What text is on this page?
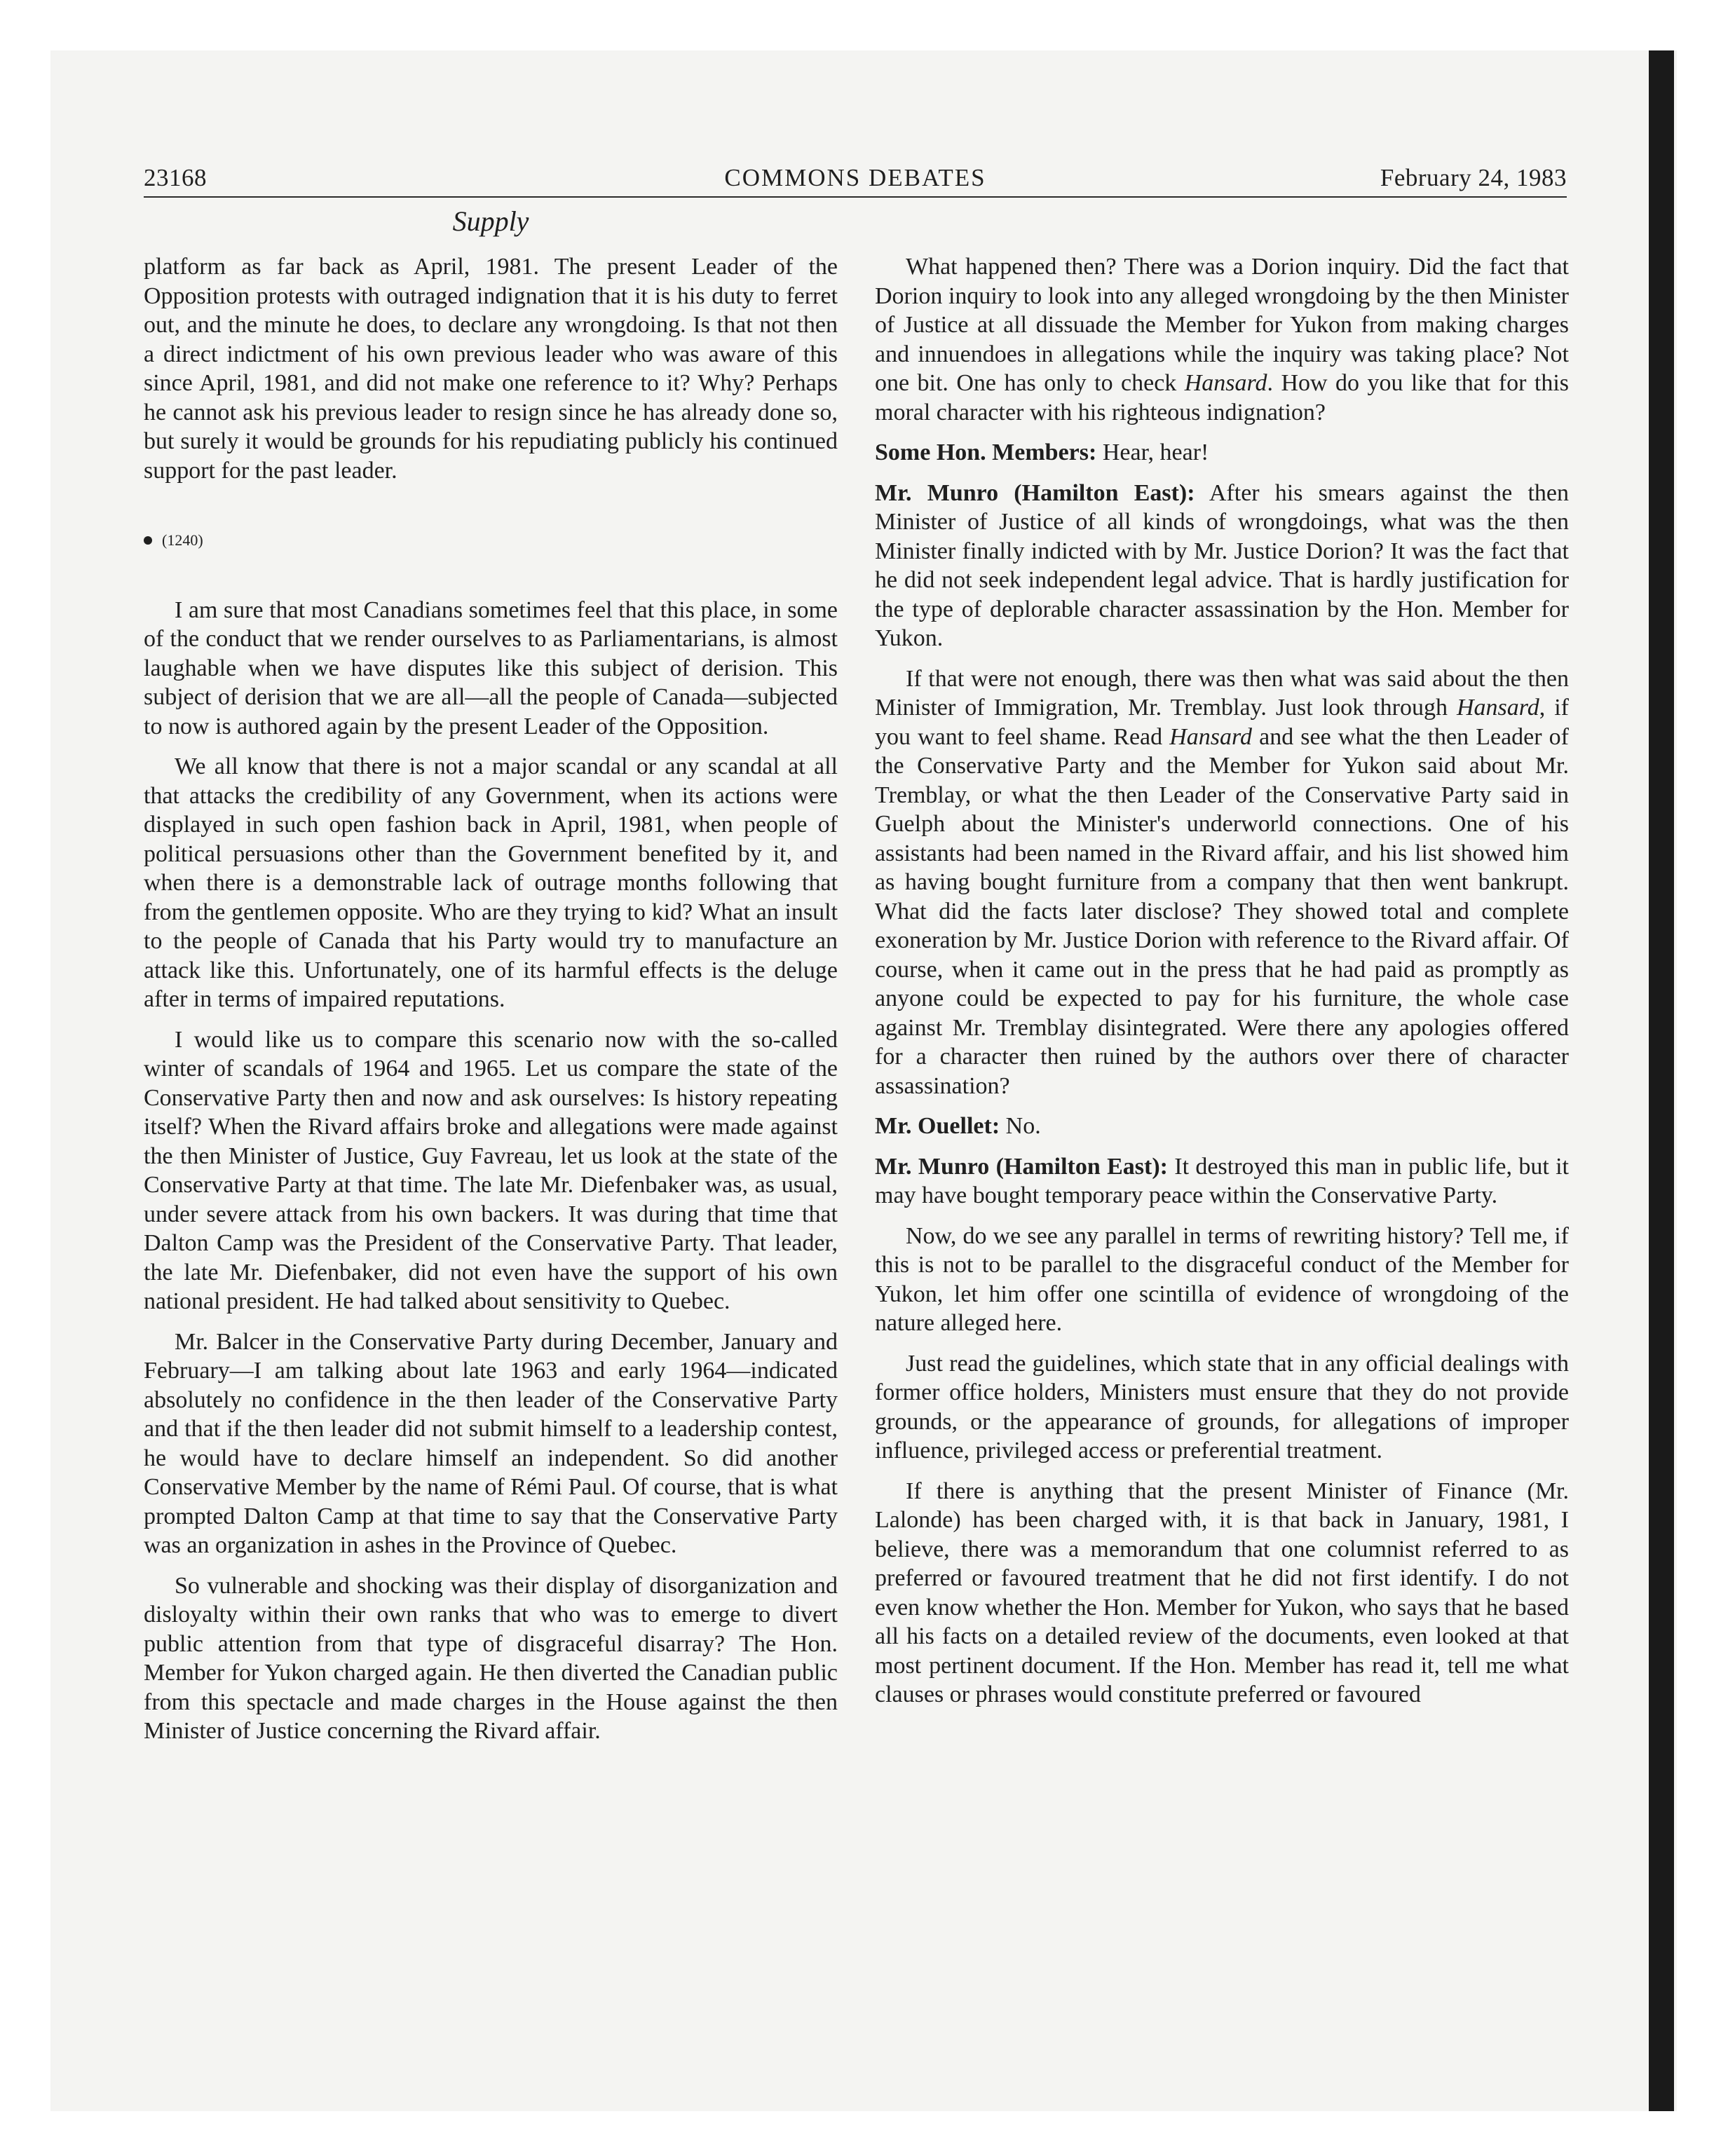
COMMONS DEBATES
23168	February 24, 1983
Supply

platform as far back as April, 1981. The present Leader of the Opposition protests with outraged indignation that it is his duty to ferret out, and the minute he does, to declare any wrongdoing. Is that not then a direct indictment of his own previous leader who was aware of this since April, 1981, and did not make one reference to it? Why? Perhaps he cannot ask his previous leader to resign since he has already done so, but surely it would be grounds for his repudiating publicly his continued support for the past leader.

(1240)

I am sure that most Canadians sometimes feel that this place, in some of the conduct that we render ourselves to as Parliamentarians, is almost laughable when we have disputes like this subject of derision. This subject of derision that we are all—all the people of Canada—subjected to now is authored again by the present Leader of the Opposition.

We all know that there is not a major scandal or any scandal at all that attacks the credibility of any Government, when its actions were displayed in such open fashion back in April, 1981, when people of political persuasions other than the Government benefited by it, and when there is a demonstrable lack of outrage months following that from the gentlemen opposite. Who are they trying to kid? What an insult to the people of Canada that his Party would try to manufacture an attack like this. Unfortunately, one of its harmful effects is the deluge after in terms of impaired reputations.

I would like us to compare this scenario now with the so-called winter of scandals of 1964 and 1965. Let us compare the state of the Conservative Party then and now and ask ourselves: Is history repeating itself? When the Rivard affairs broke and allegations were made against the then Minister of Justice, Guy Favreau, let us look at the state of the Conservative Party at that time. The late Mr. Diefenbaker was, as usual, under severe attack from his own backers. It was during that time that Dalton Camp was the President of the Conservative Party. That leader, the late Mr. Diefenbaker, did not even have the support of his own national president. He had talked about sensitivity to Quebec.

Mr. Balcer in the Conservative Party during December, January and February—I am talking about late 1963 and early 1964—indicated absolutely no confidence in the then leader of the Conservative Party and that if the then leader did not submit himself to a leadership contest, he would have to declare himself an independent. So did another Conservative Member by the name of Rémi Paul. Of course, that is what prompted Dalton Camp at that time to say that the Conservative Party was an organization in ashes in the Province of Quebec.

So vulnerable and shocking was their display of disorganization and disloyalty within their own ranks that who was to emerge to divert public attention from that type of disgraceful disarray? The Hon. Member for Yukon charged again. He then diverted the Canadian public from this spectacle and made charges in the House against the then Minister of Justice concerning the Rivard affair.

What happened then? There was a Dorion inquiry. Did the fact that Dorion inquiry to look into any alleged wrongdoing by the then Minister of Justice at all dissuade the Member for Yukon from making charges and innuendoes in allegations while the inquiry was taking place? Not one bit. One has only to check Hansard. How do you like that for this moral character with his righteous indignation?

Some Hon. Members: Hear, hear!

Mr. Munro (Hamilton East): After his smears against the then Minister of Justice of all kinds of wrongdoings, what was the then Minister finally indicted with by Mr. Justice Dorion? It was the fact that he did not seek independent legal advice. That is hardly justification for the type of deplorable character assassination by the Hon. Member for Yukon.

If that were not enough, there was then what was said about the then Minister of Immigration, Mr. Tremblay. Just look through Hansard, if you want to feel shame. Read Hansard and see what the then Leader of the Conservative Party and the Member for Yukon said about Mr. Tremblay, or what the then Leader of the Conservative Party said in Guelph about the Minister's underworld connections. One of his assistants had been named in the Rivard affair, and his list showed him as having bought furniture from a company that then went bankrupt. What did the facts later disclose? They showed total and complete exoneration by Mr. Justice Dorion with reference to the Rivard affair. Of course, when it came out in the press that he had paid as promptly as anyone could be expected to pay for his furniture, the whole case against Mr. Tremblay disintegrated. Were there any apologies offered for a character then ruined by the authors over there of character assassination?

Mr. Ouellet: No.

Mr. Munro (Hamilton East): It destroyed this man in public life, but it may have bought temporary peace within the Conservative Party.

Now, do we see any parallel in terms of rewriting history? Tell me, if this is not to be parallel to the disgraceful conduct of the Member for Yukon, let him offer one scintilla of evidence of wrongdoing of the nature alleged here.

Just read the guidelines, which state that in any official dealings with former office holders, Ministers must ensure that they do not provide grounds, or the appearance of grounds, for allegations of improper influence, privileged access or preferential treatment.

If there is anything that the present Minister of Finance (Mr. Lalonde) has been charged with, it is that back in January, 1981, I believe, there was a memorandum that one columnist referred to as preferred or favoured treatment that he did not first identify. I do not even know whether the Hon. Member for Yukon, who says that he based all his facts on a detailed review of the documents, even looked at that most pertinent document. If the Hon. Member has read it, tell me what clauses or phrases would constitute preferred or favoured
